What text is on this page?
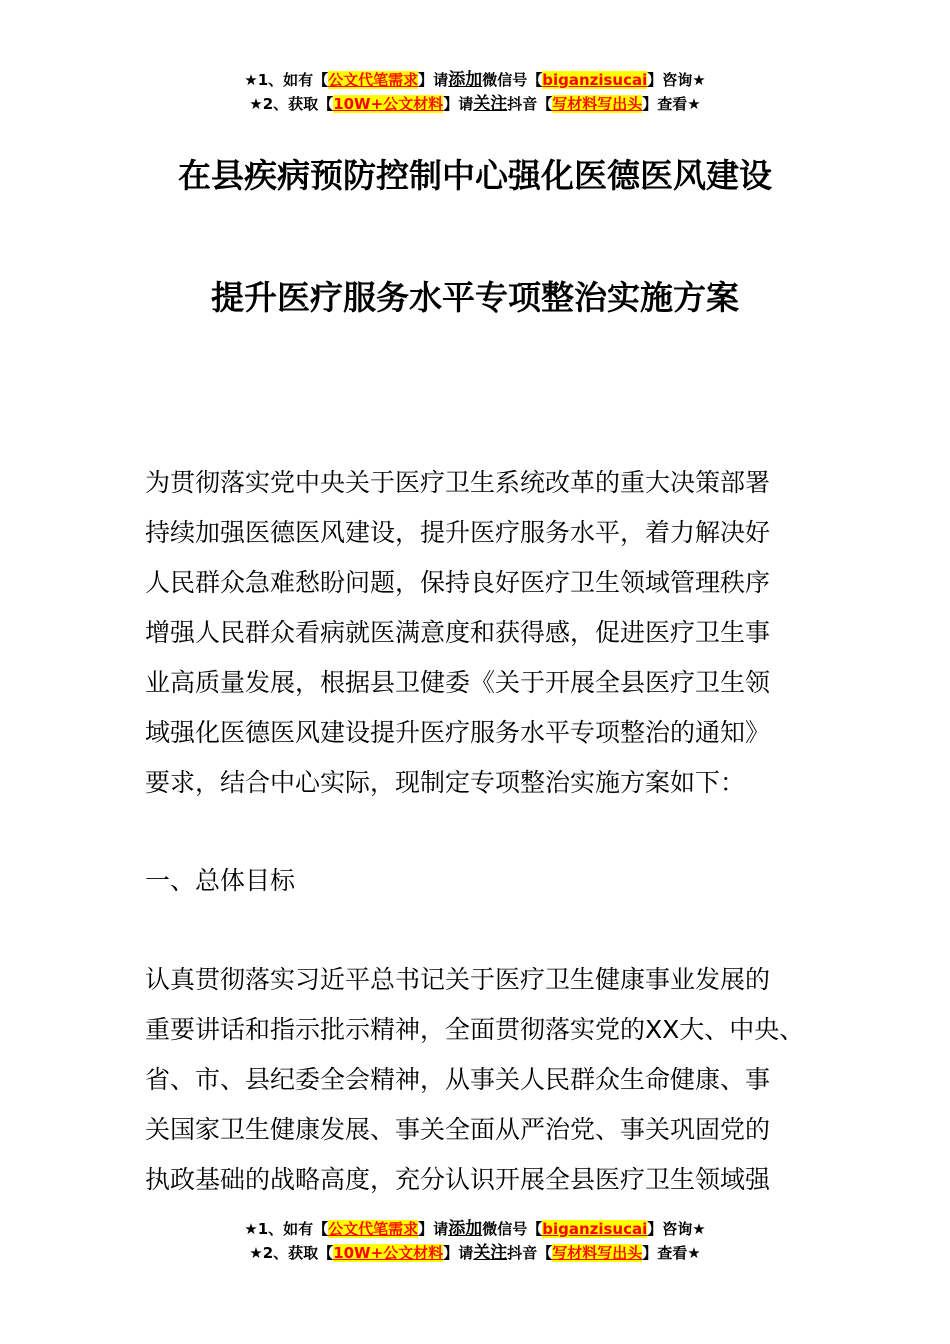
★1、如有【公文代笔需求】请添加微信号【biganzisucai】咨询★
★2、获取【10W+公文材料】请关注抖音【写材料写出头】查看★
在县疾病预防控制中心强化医德医风建设
提升医疗服务水平专项整治实施方案
为贯彻落实党中央关于医疗卫生系统改革的重大决策部署
持续加强医德医风建设，提升医疗服务水平，着力解决好
人民群众急难愁盼问题，保持良好医疗卫生领域管理秩序
增强人民群众看病就医满意度和获得感，促进医疗卫生事
业高质量发展，根据县卫健委《关于开展全县医疗卫生领
域强化医德医风建设提升医疗服务水平专项整治的通知》
要求，结合中心实际，现制定专项整治实施方案如下：
一、总体目标
认真贯彻落实习近平总书记关于医疗卫生健康事业发展的
重要讲话和指示批示精神，全面贯彻落实党的XX大、中央、
省、市、县纪委全会精神，从事关人民群众生命健康、事
关国家卫生健康发展、事关全面从严治党、事关巩固党的
执政基础的战略高度，充分认识开展全县医疗卫生领域强
★1、如有【公文代笔需求】请添加微信号【biganzisucai】咨询★
★2、获取【10W+公文材料】请关注抖音【写材料写出头】查看★
